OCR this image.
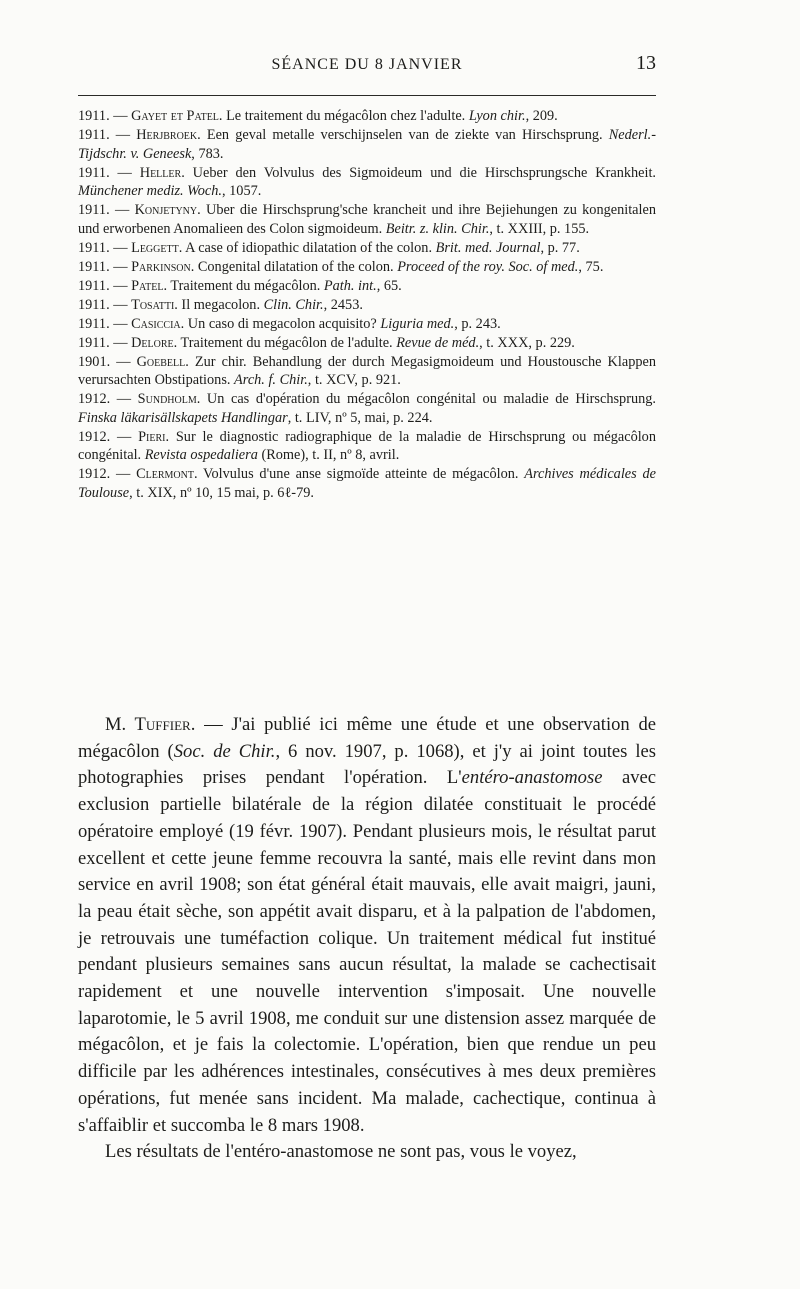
SÉANCE DU 8 JANVIER	13
1911. — Gayet et Patel. Le traitement du mégacôlon chez l'adulte. Lyon chir., 209.
1911. — Herjbroek. Een geval metalle verschijnselen van de ziekte van Hirschsprung. Nederl.-Tijdschr. v. Geneesk, 783.
1911. — Heller. Ueber den Volvulus des Sigmoideum und die Hirschsprungsche Krankheit. Münchener mediz. Woch., 1057.
1911. — Konjetyny. Uber die Hirschsprung'sche krancheit und ihre Bejiehungen zu kongenitalen und erworbenen Anomalieen des Colon sigmoideum. Beitr. z. klin. Chir., t. XXIII, p. 155.
1911. — Leggett. A case of idiopathic dilatation of the colon. Brit. med. Journal, p. 77.
1911. — Parkinson. Congenital dilatation of the colon. Proceed of the roy. Soc. of med., 75.
1911. — Patel. Traitement du mégacôlon. Path. int., 65.
1911. — Tosatti. Il megacolon. Clin. Chir., 2453.
1911. — Casiccia. Un caso di megacolon acquisito? Liguria med., p. 243.
1911. — Delore. Traitement du mégacôlon de l'adulte. Revue de méd., t. XXX, p. 229.
1901. — Goebell. Zur chir. Behandlung der durch Megasigmoideum und Houstousche Klappen verursachten Obstipations. Arch. f. Chir., t. XCV, p. 921.
1912. — Sundholm. Un cas d'opération du mégacôlon congénital ou maladie de Hirschsprung. Finska läkarisällskapets Handlingar, t. LIV, nº 5, mai, p. 224.
1912. — Pieri. Sur le diagnostic radiographique de la maladie de Hirschsprung ou mégacôlon congénital. Revista ospedaliera (Rome), t. II, nº 8, avril.
1912. — Clermont. Volvulus d'une anse sigmoïde atteinte de mégacôlon. Archives médicales de Toulouse, t. XIX, nº 10, 15 mai, p. 6ℓ-79.

M. Tuffier. — J'ai publié ici même une étude et une observation de mégacôlon (Soc. de Chir., 6 nov. 1907, p. 1068), et j'y ai joint toutes les photographies prises pendant l'opération. L'entéro-anastomose avec exclusion partielle bilatérale de la région dilatée constituait le procédé opératoire employé (19 févr. 1907). Pendant plusieurs mois, le résultat parut excellent et cette jeune femme recouvra la santé, mais elle revint dans mon service en avril 1908; son état général était mauvais, elle avait maigri, jauni, la peau était sèche, son appétit avait disparu, et à la palpation de l'abdomen, je retrouvais une tuméfaction colique. Un traitement médical fut institué pendant plusieurs semaines sans aucun résultat, la malade se cachectisait rapidement et une nouvelle intervention s'imposait. Une nouvelle laparotomie, le 5 avril 1908, me conduit sur une distension assez marquée de mégacôlon, et je fais la colectomie. L'opération, bien que rendue un peu difficile par les adhérences intestinales, consécutives à mes deux premières opérations, fut menée sans incident. Ma malade, cachectique, continua à s'affaiblir et succomba le 8 mars 1908.

Les résultats de l'entéro-anastomose ne sont pas, vous le voyez,
